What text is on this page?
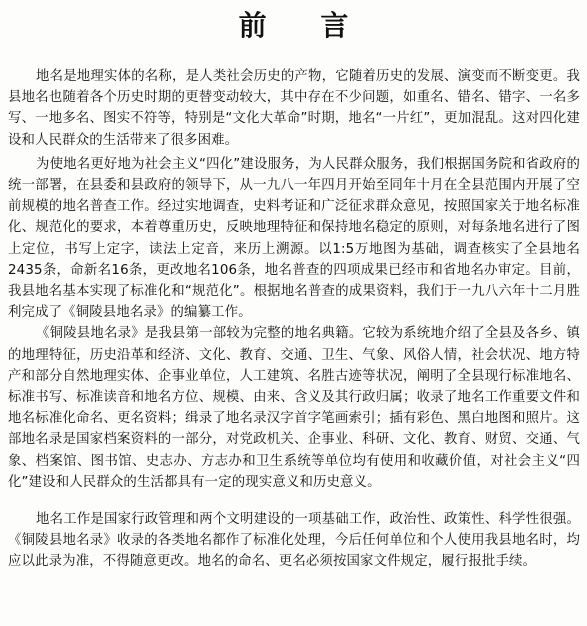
前 言

地名是地理实体的名称，是人类社会历史的产物，它随着历史的发展、演变而不断变更。我县地名也随着各个历史时期的更替变动较大，其中存在不少问题，如重名、错名、错字、一名多写、一地多名、图实不符等，特别是“文化大革命”时期，地名“一片红”，更加混乱。这对四化建设和人民群众的生活带来了很多困难。

为使地名更好地为社会主义“四化”建设服务，为人民群众服务，我们根据国务院和省政府的统一部署，在县委和县政府的领导下，从一九八一年四月开始至同年十月在全县范围内开展了空前规模的地名普查工作。经过实地调查，史料考证和广泛征求群众意见，按照国家关于地名标准化、规范化的要求，本着尊重历史，反映地理特征和保持地名稳定的原则，对每条地名进行了图上定位，书写上定字，读法上定音，来历上溯源。以1:5万地图为基础，调查核实了全县地名2435条，命新名16条，更改地名106条，地名普查的四项成果已经市和省地名办审定。目前，我县地名基本实现了标准化和“规范化”。根据地名普查的成果资料，我们于一九八六年十二月胜利完成了《铜陵县地名录》的编纂工作。

《铜陵县地名录》是我县第一部较为完整的地名典籍。它较为系统地介绍了全县及各乡、镇的地理特征，历史沿革和经济、文化、教育、交通、卫生、气象、风俗人情，社会状况、地方特产和部分自然地理实体、企事业单位，人工建筑、名胜古迹等状况，阐明了全县现行标准地名、标准书写、标准读音和地名方位、规模、由来、含义及其行政归属；收录了地名工作重要文件和地名标准化命名、更名资料；缉录了地名录汉字首字笔画索引；插有彩色、黑白地图和照片。这部地名录是国家档案资料的一部分，对党政机关、企事业、科研、文化、教育、财贸、交通、气象、档案馆、图书馆、史志办、方志办和卫生系统等单位均有使用和收藏价值，对社会主义“四化”建设和人民群众的生活都具有一定的现实意义和历史意义。

地名工作是国家行政管理和两个文明建设的一项基础工作，政治性、政策性、科学性很强。《铜陵县地名录》收录的各类地名都作了标准化处理，今后任何单位和个人使用我县地名时，均应以此录为准，不得随意更改。地名的命名、更名必须按国家文件规定，履行报批手续。
